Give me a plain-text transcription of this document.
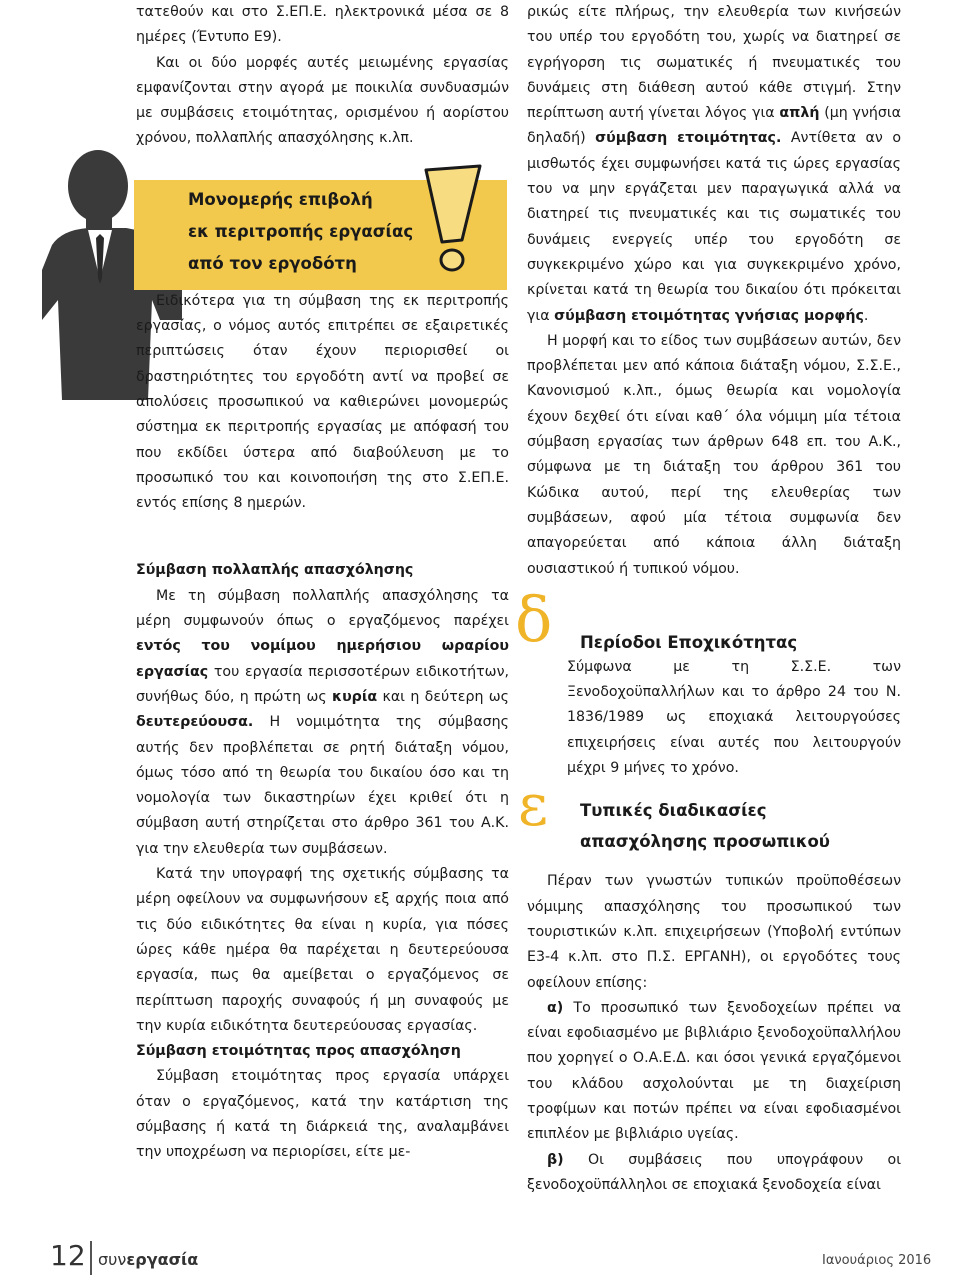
Μονομερής επιβολή
εκ περιτροπής εργασίας
από τον εργοδότη

τατεθούν και στο Σ.ΕΠ.Ε. ηλεκτρονικά μέσα σε 8 ημέρες (Έντυπο Ε9).

Και οι δύο μορφές αυτές μειωμένης εργασίας εμφανίζονται στην αγορά με ποικιλία συνδυασμών με συμβάσεις ετοιμότητας, ορισμένου ή αορίστου χρόνου, πολλαπλής απασχόλησης κ.λπ.

Ειδικότερα για τη σύμβαση της εκ περιτροπής εργασίας, ο νόμος αυτός επιτρέπει σε εξαιρετικές περιπτώσεις όταν έχουν περιορισθεί οι δραστηριότητες του εργοδότη αντί να προβεί σε απολύσεις προσωπικού να καθιερώνει μονομερώς σύστημα εκ περιτροπής εργασίας με απόφασή του που εκδίδει ύστερα από διαβούλευση με το προσωπικό του και κοινοποιήση της στο Σ.ΕΠ.Ε. εντός επίσης 8 ημερών.

Σύμβαση πολλαπλής απασχόλησης

Με τη σύμβαση πολλαπλής απασχόλησης τα μέρη συμφωνούν όπως ο εργαζόμενος παρέχει εντός του νομίμου ημερήσιου ωραρίου εργασίας του εργασία περισσοτέρων ειδικοτήτων, συνήθως δύο, η πρώτη ως κυρία και η δεύτερη ως δευτερεύουσα. Η νομιμότητα της σύμβασης αυτής δεν προβλέπεται σε ρητή διάταξη νόμου, όμως τόσο από τη θεωρία του δικαίου όσο και τη νομολογία των δικαστηρίων έχει κριθεί ότι η σύμβαση αυτή στηρίζεται στο άρθρο 361 του Α.Κ. για την ελευθερία των συμβάσεων.

Κατά την υπογραφή της σχετικής σύμβασης τα μέρη οφείλουν να συμφωνήσουν εξ αρχής ποια από τις δύο ειδικότητες θα είναι η κυρία, για πόσες ώρες κάθε ημέρα θα παρέχεται η δευτερεύουσα εργασία, πως θα αμείβεται ο εργαζόμενος σε περίπτωση παροχής συναφούς ή μη συναφούς με την κυρία ειδικότητα δευτερεύουσας εργασίας.

Σύμβαση ετοιμότητας προς απασχόληση

Σύμβαση ετοιμότητας προς εργασία υπάρχει όταν ο εργαζόμενος, κατά την κατάρτιση της σύμβασης ή κατά τη διάρκειά της, αναλαμβάνει την υποχρέωση να περιορίσει, είτε με-

ρικώς είτε πλήρως, την ελευθερία των κινήσεών του υπέρ του εργοδότη του, χωρίς να διατηρεί σε εγρήγορση τις σωματικές ή πνευματικές του δυνάμεις στη διάθεση αυτού κάθε στιγμή. Στην περίπτωση αυτή γίνεται λόγος για απλή (μη γνήσια δηλαδή) σύμβαση ετοιμότητας. Αντίθετα αν ο μισθωτός έχει συμφωνήσει κατά τις ώρες εργασίας του να μην εργάζεται μεν παραγωγικά αλλά να διατηρεί τις πνευματικές και τις σωματικές του δυνάμεις ενεργείς υπέρ του εργοδότη σε συγκεκριμένο χώρο και για συγκεκριμένο χρόνο, κρίνεται κατά τη θεωρία του δικαίου ότι πρόκειται για σύμβαση ετοιμότητας γνήσιας μορφής.

Η μορφή και το είδος των συμβάσεων αυτών, δεν προβλέπεται μεν από κάποια διάταξη νόμου, Σ.Σ.Ε., Κανονισμού κ.λπ., όμως θεωρία και νομολογία έχουν δεχθεί ότι είναι καθ΄ όλα νόμιμη μία τέτοια σύμβαση εργασίας των άρθρων 648 επ. του Α.Κ., σύμφωνα με τη διάταξη του άρθρου 361 του Κώδικα αυτού, περί της ελευθερίας των συμβάσεων, αφού μία τέτοια συμφωνία δεν απαγορεύεται από κάποια άλλη διάταξη ουσιαστικού ή τυπικού νόμου.

Σύμφωνα με τη Σ.Σ.Ε. των Ξενοδοχοϋπαλλήλων και το άρθρο 24 του Ν. 1836/1989 ως εποχιακά λειτουργούσες επιχειρήσεις είναι αυτές που λειτουργούν μέχρι 9 μήνες το χρόνο.

Πέραν των γνωστών τυπικών προϋποθέσεων νόμιμης απασχόλησης του προσωπικού των τουριστικών κ.λπ. επιχειρήσεων (Υποβολή εντύπων Ε3-4 κ.λπ. στο Π.Σ. ΕΡΓΑΝΗ), οι εργοδότες τους οφείλουν επίσης:

α) Το προσωπικό των ξενοδοχείων πρέπει να είναι εφοδιασμένο με βιβλιάριο ξενοδοχοϋπαλλήλου που χορηγεί ο Ο.Α.Ε.Δ. και όσοι γενικά εργαζόμενοι του κλάδου ασχολούνται με τη διαχείριση τροφίμων και ποτών πρέπει να είναι εφοδιασμένοι επιπλέον με βιβλιάριο υγείας.

β) Οι συμβάσεις που υπογράφουν οι ξενοδοχοϋπάλληλοι σε εποχιακά ξενοδοχεία είναι

δ	Περίοδοι Εποχικότητας
ε	Τυπικές διαδικασίες
απασχόλησης προσωπικού
12 συνεργασία	Ιανουάριος 2016
